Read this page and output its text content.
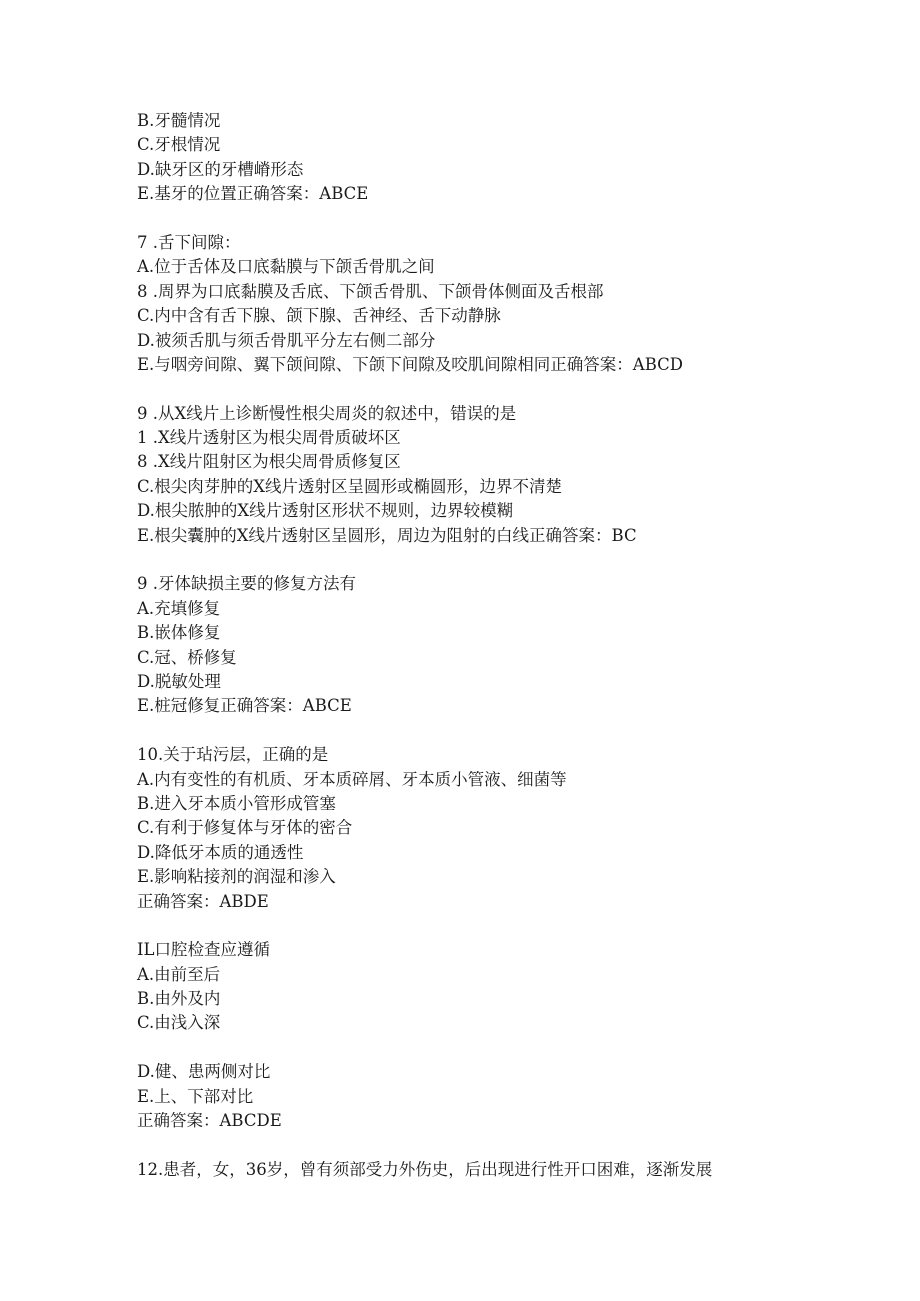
B.牙髓情况
C.牙根情况
D.缺牙区的牙槽嵴形态
E.基牙的位置正确答案：ABCE
7 .舌下间隙：
A.位于舌体及口底黏膜与下颌舌骨肌之间
8 .周界为口底黏膜及舌底、下颌舌骨肌、下颌骨体侧面及舌根部
C.内中含有舌下腺、颌下腺、舌神经、舌下动静脉
D.被须舌肌与须舌骨肌平分左右侧二部分
E.与咽旁间隙、翼下颌间隙、下颌下间隙及咬肌间隙相同正确答案：ABCD
9 .从X线片上诊断慢性根尖周炎的叙述中，错误的是
1 .X线片透射区为根尖周骨质破坏区
8 .X线片阻射区为根尖周骨质修复区
C.根尖肉芽肿的X线片透射区呈圆形或椭圆形，边界不清楚
D.根尖脓肿的X线片透射区形状不规则，边界较模糊
E.根尖囊肿的X线片透射区呈圆形，周边为阻射的白线正确答案：BC
9 .牙体缺损主要的修复方法有
A.充填修复
B.嵌体修复
C.冠、桥修复
D.脱敏处理
E.桩冠修复正确答案：ABCE
10.关于玷污层，正确的是
A.内有变性的有机质、牙本质碎屑、牙本质小管液、细菌等
B.进入牙本质小管形成管塞
C.有利于修复体与牙体的密合
D.降低牙本质的通透性
E.影响粘接剂的润湿和渗入
正确答案：ABDE
IL口腔检查应遵循
A.由前至后
B.由外及内
C.由浅入深
D.健、患两侧对比
E.上、下部对比
正确答案：ABCDE
12.患者，女，36岁，曾有须部受力外伤史，后出现进行性开口困难，逐渐发展
